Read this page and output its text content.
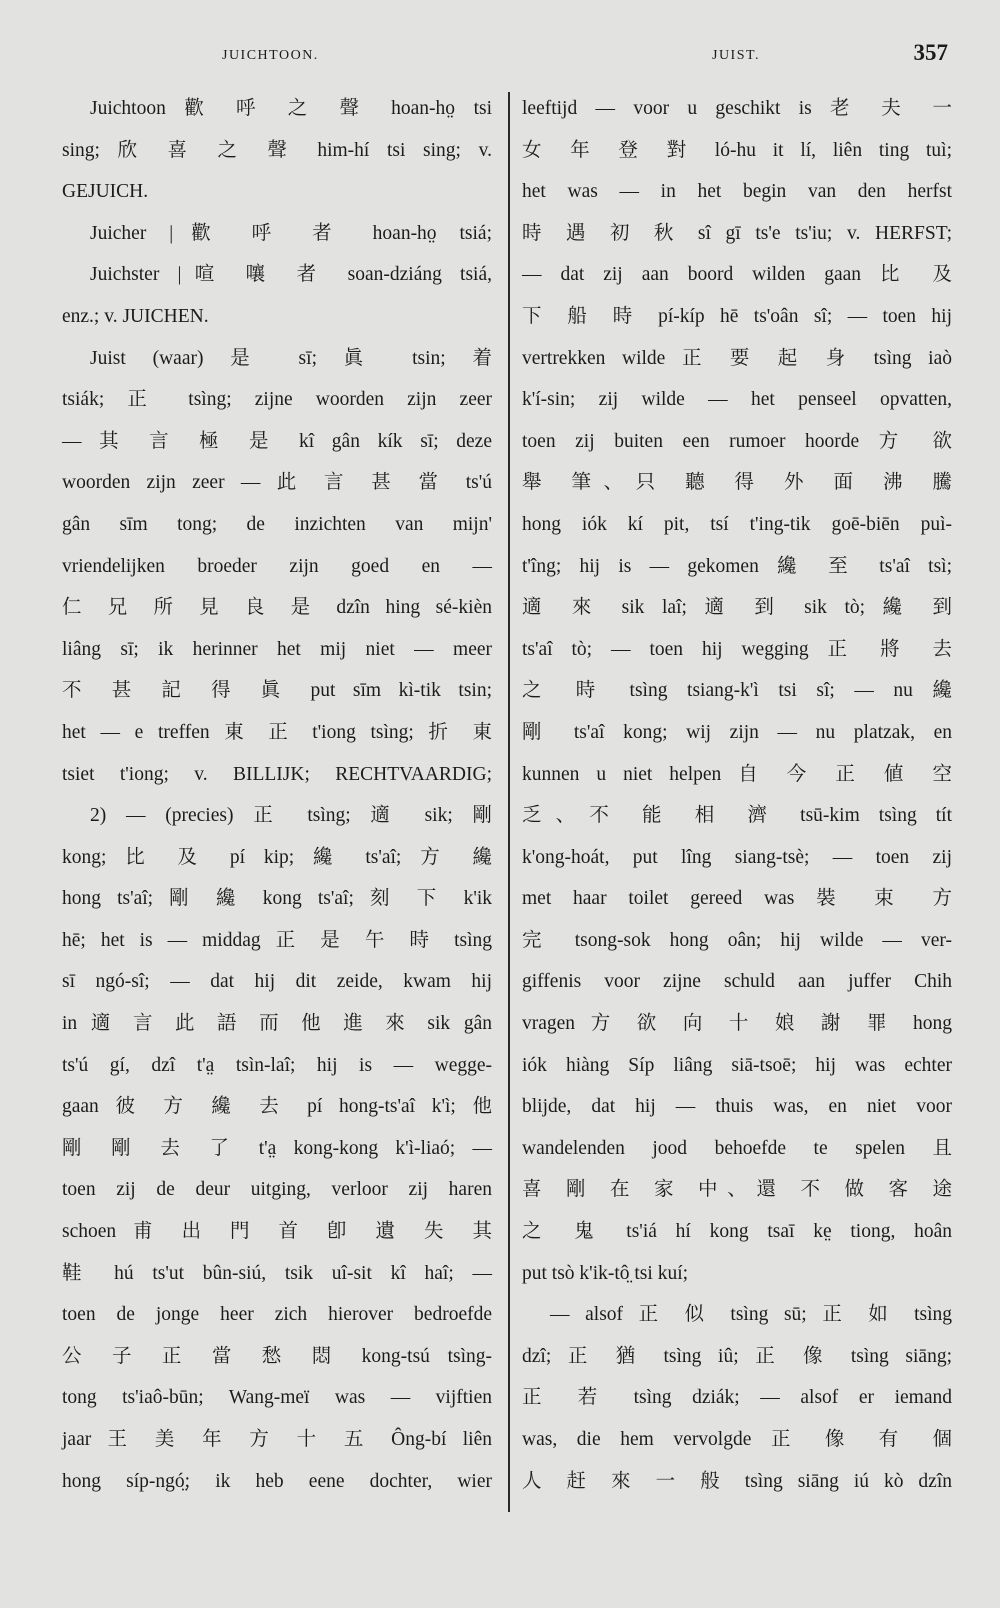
JUICHTOON.	JUIST.	357
Juichtoon 歡 呼 之 聲 hoan-ho̤ tsi
sing; 欣 喜 之 聲 him-hí tsi sing; v.
GEJUICH.
Juicher |歡 呼 者 hoan-ho̤ tsiá;
Juichster |喧 嚷 者 soan-dziáng tsiá,
enz.; v. JUICHEN.
Juist (waar) 是 sī; 眞 tsin; 着
tsiák; 正 tsìng; zijne woorden zijn zeer
— 其 言 極 是 kî gân kík sī; deze
woorden zijn zeer — 此 言 甚 當 ts'ú
gân sīm tong; de inzichten van mijn'
vriendelijken broeder zijn goed en —
仁 兄 所 見 良 是 dzîn hing sé-kièn
liâng sī; ik herinner het mij niet — meer
不 甚 記 得 眞 put sīm kì-tik tsin;
het — e treffen 東 正 t'iong tsìng; 折 東
tsiet t'iong; v. BILLIJK; RECHTVAARDIG;
2) — (precies) 正 tsìng; 適 sik; 剛
kong; 比 及 pí kip; 纔 ts'aî; 方 纔
hong ts'aî; 剛 纔 kong ts'aî; 刻 下 k'ik
hē; het is — middag 正 是 午 時 tsìng
sī ngó-sî; — dat hij dit zeide, kwam hij
in 適 言 此 語 而 他 進 來 sik gân
ts'ú gí, dzî t'a̤ tsìn-laî; hij is — wegge-
gaan 彼 方 纔 去 pí hong-ts'aî k'ì; 他
剛 剛 去 了 t'a̤ kong-kong k'ì-liaó; —
toen zij de deur uitging, verloor zij haren
schoen 甫 出 門 首 卽 遺 失 其
鞋 hú ts'ut bûn-siú, tsik uî-sit kî haî; —
toen de jonge heer zich hierover bedroefde
公 子 正 當 愁 悶 kong-tsú tsìng-
tong ts'iaô-būn; Wang-meï was — vijftien
jaar 王 美 年 方 十 五 Ông-bí liên
hong síp-ngó̤; ik heb eene dochter, wier
leeftijd — voor u geschikt is 老 夫 一
女 年 登 對 ló-hu it lí, liên ting tuì;
het was — in het begin van den herfst
時 遇 初 秋 sî gī ts'e ts'iu; v. HERFST;
— dat zij aan boord wilden gaan 比 及
下 船 時 pí-kíp hē ts'oân sî; — toen hij
vertrekken wilde 正 要 起 身 tsìng iaò
k'í-sin; zij wilde — het penseel opvatten,
toen zij buiten een rumoer hoorde 方 欲
舉 筆、只 聽 得 外 面 沸 騰
hong iók kí pit, tsí t'ing-tik goē-biēn puì-
t'îng; hij is — gekomen 纔 至 ts'aî tsì;
適 來 sik laî; 適 到 sik tò; 纔 到
ts'aî tò; — toen hij wegging 正 將 去
之 時 tsìng tsiang-k'ì tsi sî; — nu 纔
剛 ts'aî kong; wij zijn — nu platzak, en
kunnen u niet helpen 自 今 正 値 空
乏、不 能 相 濟 tsū-kim tsìng tít
k'ong-hoát, put lîng siang-tsè; — toen zij
met haar toilet gereed was 裝 束 方
完 tsong-sok hong oân; hij wilde — ver-
giffenis voor zijne schuld aan juffer Chih
vragen 方 欲 向 十 娘 謝 罪 hong
iók hiàng Síp liâng siā-tsoē; hij was echter
blijde, dat hij — thuis was, en niet voor
wandelenden jood behoefde te spelen 且
喜 剛 在 家 中、還 不 做 客 途
之 鬼 ts'iá hí kong tsaī ke̤ tiong, hoân
put tsò k'ik-tô̤ tsi kuí;
— alsof 正 似 tsìng sū; 正 如 tsìng
dzî; 正 猶 tsìng iû; 正 像 tsìng siāng;
正 若 tsìng dziák; — alsof er iemand
was, die hem vervolgde 正 像 有 個
人 赶 來 一 般 tsìng siāng iú kò dzîn
